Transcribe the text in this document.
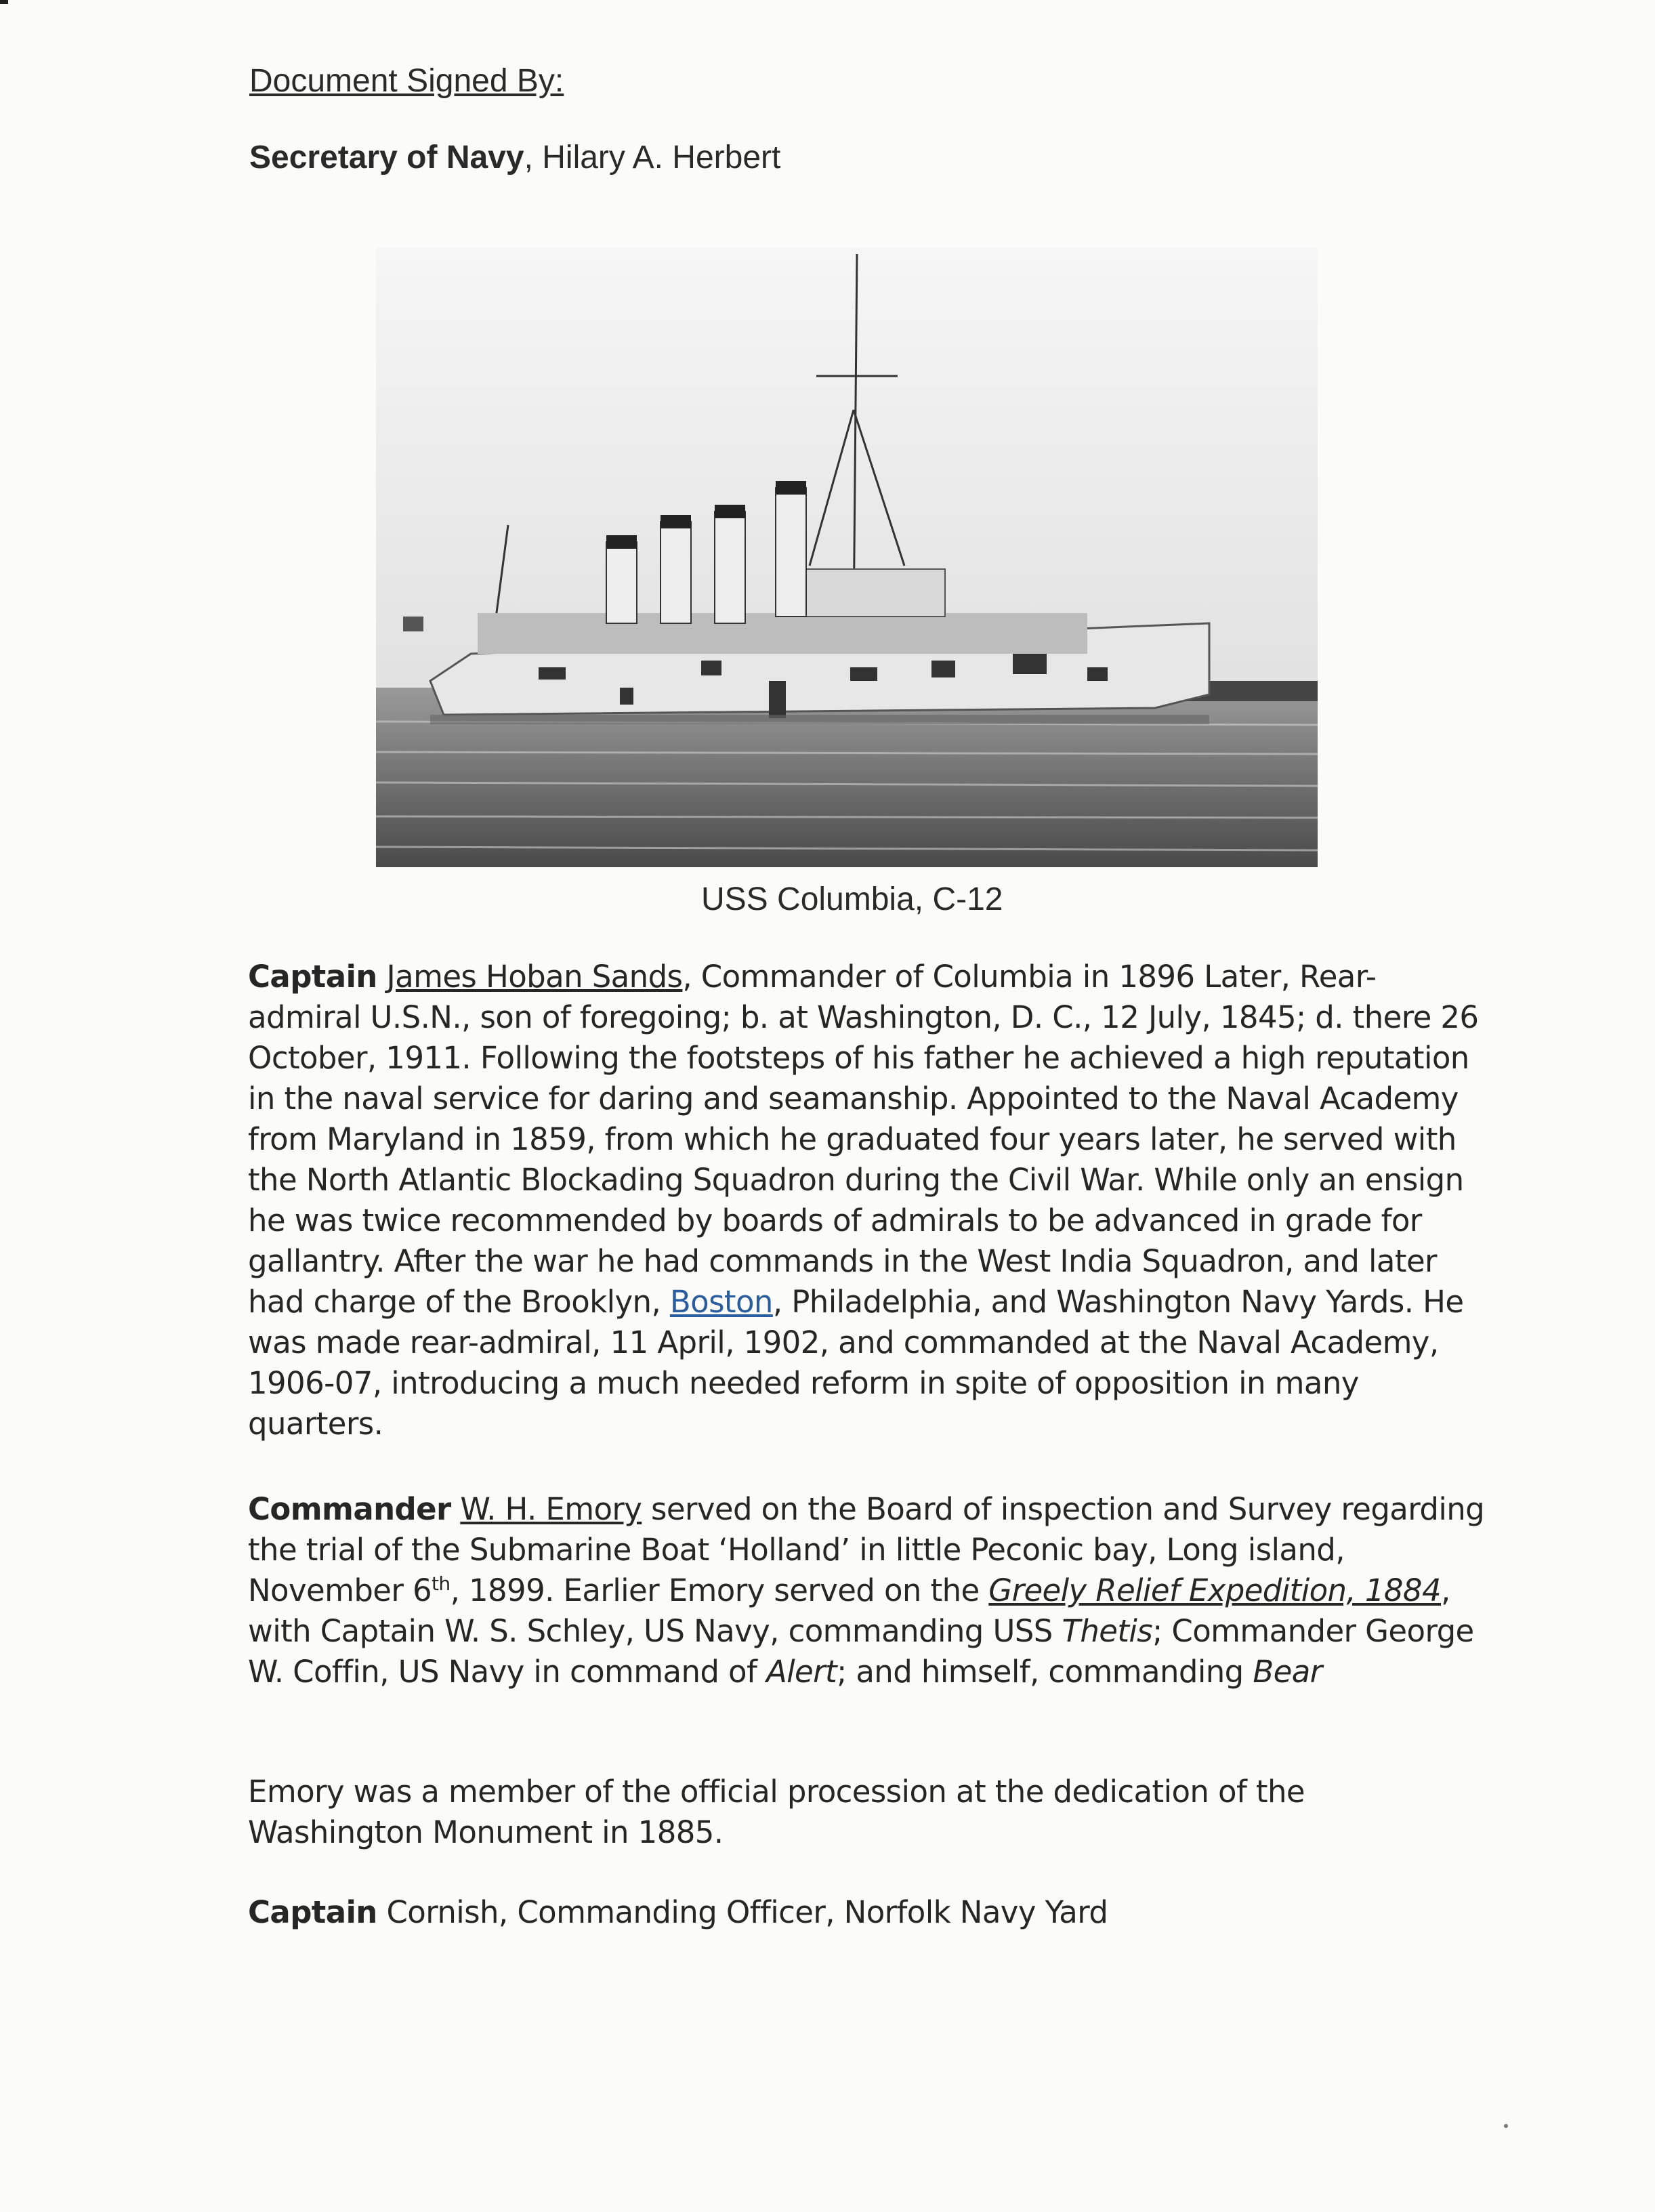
Document Signed By:
Secretary of Navy, Hilary A. Herbert
USS Columbia, C-12

Captain James Hoban Sands, Commander of Columbia in 1896 Later, Rear-admiral U.S.N., son of foregoing; b. at Washington, D. C., 12 July, 1845; d. there 26 October, 1911. Following the footsteps of his father he achieved a high reputation in the naval service for daring and seamanship. Appointed to the Naval Academy from Maryland in 1859, from which he graduated four years later, he served with the North Atlantic Blockading Squadron during the Civil War. While only an ensign he was twice recommended by boards of admirals to be advanced in grade for gallantry. After the war he had commands in the West India Squadron, and later had charge of the Brooklyn, Boston, Philadelphia, and Washington Navy Yards. He was made rear-admiral, 11 April, 1902, and commanded at the Naval Academy, 1906-07, introducing a much needed reform in spite of opposition in many quarters.

Commander W. H. Emory served on the Board of inspection and Survey regarding the trial of the Submarine Boat ‘Holland’ in little Peconic bay, Long island, November 6th, 1899. Earlier Emory served on the Greely Relief Expedition, 1884, with Captain W. S. Schley, US Navy, commanding USS Thetis; Commander George W. Coffin, US Navy in command of Alert; and himself, commanding Bear

Emory was a member of the official procession at the dedication of the Washington Monument in 1885.

Captain Cornish, Commanding Officer, Norfolk Navy Yard
